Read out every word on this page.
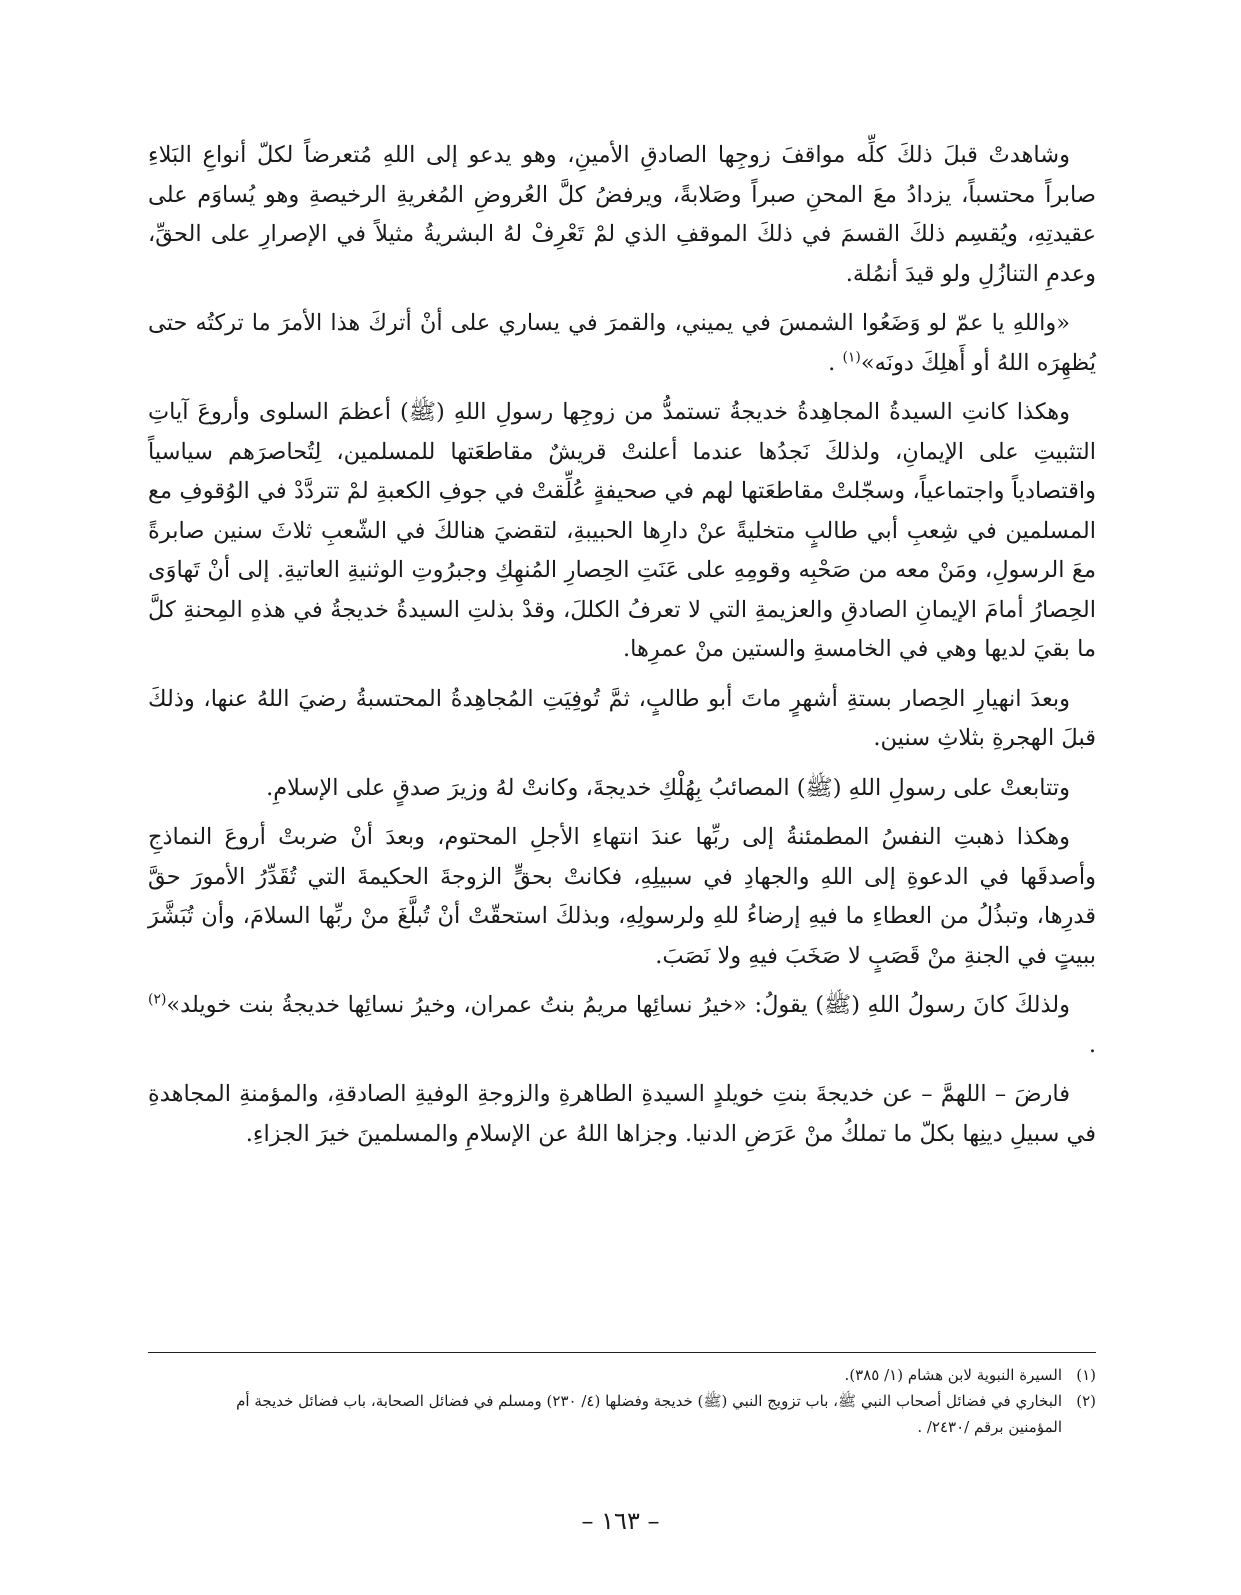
وشاهدتْ قبلَ ذلكَ كلِّه مواقفَ زوجِها الصادقِ الأمينِ، وهو يدعو إلى اللهِ مُتعرضاً لكلّ أنواعِ البَلاءِ صابراً محتسباً، يزدادُ معَ المحنِ صبراً وصَلابةً، ويرفضُ كلَّ العُروضِ المُغريةِ الرخيصةِ وهو يُساوَم على عقيدتِهِ، ويُقسِم ذلكَ القسمَ في ذلكَ الموقفِ الذي لمْ تَعْرِفْ لهُ البشريةُ مثيلاً في الإصرارِ على الحقِّ، وعدمِ التنازُلِ ولو قيدَ أنمُلة.

«واللهِ يا عمّ لو وَضَعُوا الشمسَ في يميني، والقمرَ في يساري على أنْ أتركَ هذا الأمرَ ما تركتُه حتى يُظهِرَه اللهُ أو أَهلِكَ دونَه»$^{(١)}$ .

وهكذا كانتِ السيدةُ المجاهِدةُ خديجةُ تستمدُّ من زوجِها رسولِ اللهِ (ﷺ) أعظمَ السلوى وأروعَ آياتِ التثبيتِ على الإيمانِ، ولذلكَ نَجدُها عندما أعلنتْ قريشٌ مقاطعَتها للمسلمين، لِتُحاصرَهم سياسياً واقتصادياً واجتماعياً، وسجّلتْ مقاطعَتها لهم في صحيفةٍ عُلِّقتْ في جوفِ الكعبةِ لمْ تتردَّدْ في الوُقوفِ مع المسلمين في شِعبِ أبي طالبٍ متخليةً عنْ دارِها الحبيبةِ، لتقضيَ هنالكَ في الشّعبِ ثلاثَ سنين صابرةً معَ الرسولِ، ومَنْ معه من صَحْبِه وقومِهِ على عَنَتِ الحِصارِ المُنهِكِ وجبرُوتِ الوثنيةِ العاتيةِ. إلى أنْ تَهاوَى الحِصارُ أمامَ الإيمانِ الصادقِ والعزيمةِ التي لا تعرفُ الكللَ، وقدْ بذلتِ السيدةُ خديجةُ في هذهِ المِحنةِ كلَّ ما بقيَ لديها وهي في الخامسةِ والستين منْ عمرِها.

وبعدَ انهيارِ الحِصار بستةِ أشهرٍ ماتَ أبو طالبٍ، ثمَّ تُوفِيَتِ المُجاهِدةُ المحتسبةُ رضيَ اللهُ عنها، وذلكَ قبلَ الهجرةِ بثلاثِ سنين.

وتتابعتْ على رسولِ اللهِ (ﷺ) المصائبُ بِهُلْكِ خديجةَ، وكانتْ لهُ وزيرَ صدقٍ على الإسلامِ.

وهكذا ذهبتِ النفسُ المطمئنةُ إلى ربِّها عندَ انتهاءِ الأجلِ المحتوم، وبعدَ أنْ ضربتْ أروعَ النماذجِ وأصدقَها في الدعوةِ إلى اللهِ والجهادِ في سبيلِهِ، فكانتْ بحقٍّ الزوجةَ الحكيمةَ التي تُقَدِّرُ الأمورَ حقَّ قدرِها، وتبذُلُ من العطاءِ ما فيهِ إرضاءُ للهِ ولرسولِهِ، وبذلكَ استحقّتْ أنْ تُبلَّغَ منْ ربِّها السلامَ، وأن تُبَشَّرَ ببيتٍ في الجنةِ منْ قَصَبٍ لا صَخَبَ فيهِ ولا نَصَبَ.

ولذلكَ كانَ رسولُ اللهِ (ﷺ) يقولُ: «خيرُ نسائِها مريمُ بنتُ عمران، وخيرُ نسائِها خديجةُ بنت خويلد»$^{(٢)}$ .

فارضَ – اللهمَّ – عن خديجةَ بنتِ خويلدٍ السيدةِ الطاهرةِ والزوجةِ الوفيةِ الصادقةِ، والمؤمنةِ المجاهدةِ في سبيلِ دينِها بكلّ ما تملكُ منْ عَرَضِ الدنيا. وجزاها اللهُ عن الإسلامِ والمسلمينَ خيرَ الجزاءِ.

(١)السيرة النبوية لابن هشام (١/ ٣٨٥).

(٢)البخاري في فضائل أصحاب النبي ﷺ، باب تزويج النبي (ﷺ) خديجة وفضلها (٤/ ٢٣٠) ومسلم في فضائل الصحابة، باب فضائل خديجة أم

المؤمنين برقم /٢٤٣٠/ .

– ١٦٣ –
